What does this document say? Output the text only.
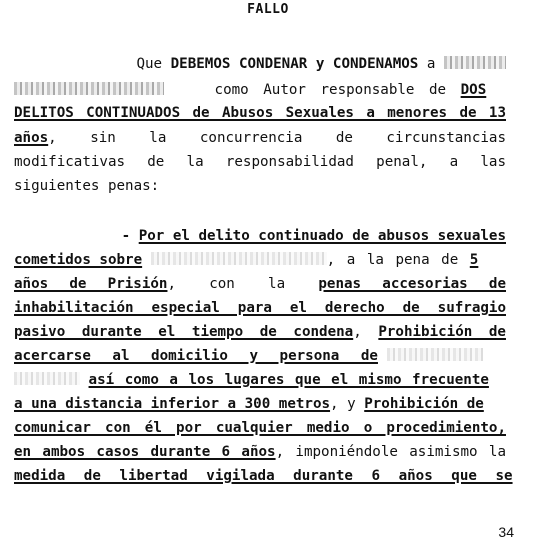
FALLO
Que DEBEMOS CONDENAR y CONDENAMOS a
como Autor responsable de DOS
DELITOS CONTINUADOS de Abusos Sexuales a menores de 13
años, sin la concurrencia de circunstancias
modificativas de la responsabilidad penal, a las
siguientes penas:
- Por el delito continuado de abusos sexuales
cometidos sobre	, a la pena de 5
años de Prisión, con la penas accesorias de
inhabilitación especial para el derecho de sufragio
pasivo durante el tiempo de condena, Prohibición de
acercarse al domicilio y persona de
así como a los lugares que el mismo frecuente
a una distancia inferior a 300 metros, y Prohibición de
comunicar con él por cualquier medio o procedimiento,
en ambos casos durante 6 años, imponiéndole asimismo la
medida de libertad vigilada durante 6 años que se
34
